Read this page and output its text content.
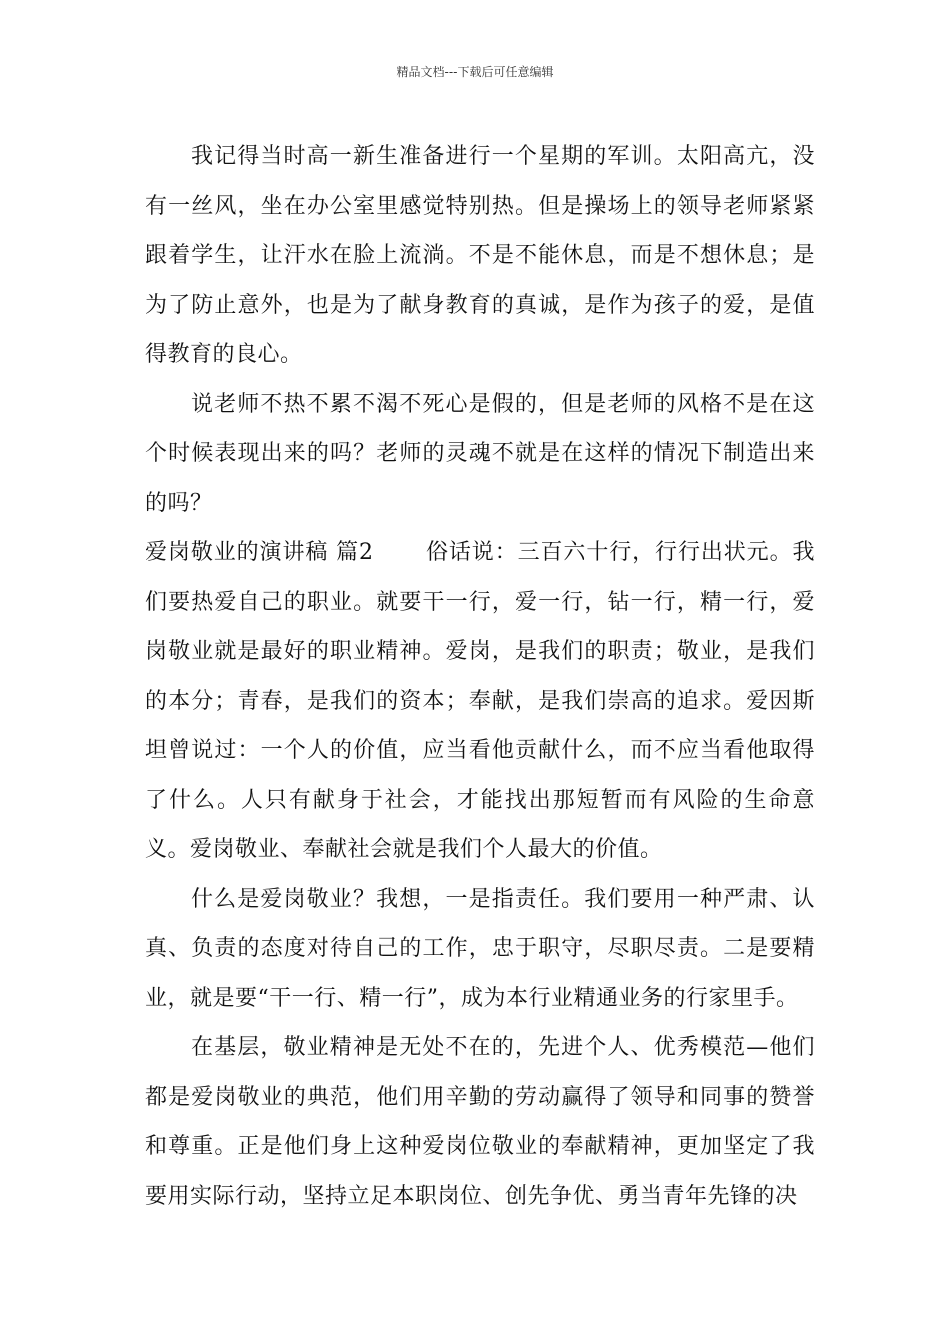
精品文档---下载后可任意编辑

我记得当时高一新生准备进行一个星期的军训。太阳高亢，没有一丝风，坐在办公室里感觉特别热。但是操场上的领导老师紧紧跟着学生，让汗水在脸上流淌。不是不能休息，而是不想休息；是为了防止意外，也是为了献身教育的真诚，是作为孩子的爱，是值得教育的良心。

说老师不热不累不渴不死心是假的，但是老师的风格不是在这个时候表现出来的吗？老师的灵魂不就是在这样的情况下制造出来的吗？

爱岗敬业的演讲稿 篇2 俗话说：三百六十行，行行出状元。我们要热爱自己的职业。就要干一行，爱一行，钻一行，精一行，爱岗敬业就是最好的职业精神。爱岗，是我们的职责；敬业，是我们的本分；青春，是我们的资本；奉献，是我们崇高的追求。爱因斯坦曾说过：一个人的价值，应当看他贡献什么，而不应当看他取得了什么。人只有献身于社会，才能找出那短暂而有风险的生命意义。爱岗敬业、奉献社会就是我们个人最大的价值。

什么是爱岗敬业？我想，一是指责任。我们要用一种严肃、认真、负责的态度对待自己的工作，忠于职守，尽职尽责。二是要精业，就是要“干一行、精一行”，成为本行业精通业务的行家里手。

在基层，敬业精神是无处不在的，先进个人、优秀模范—他们都是爱岗敬业的典范，他们用辛勤的劳动赢得了领导和同事的赞誉和尊重。正是他们身上这种爱岗位敬业的奉献精神，更加坚定了我要用实际行动，坚持立足本职岗位、创先争优、勇当青年先锋的决
